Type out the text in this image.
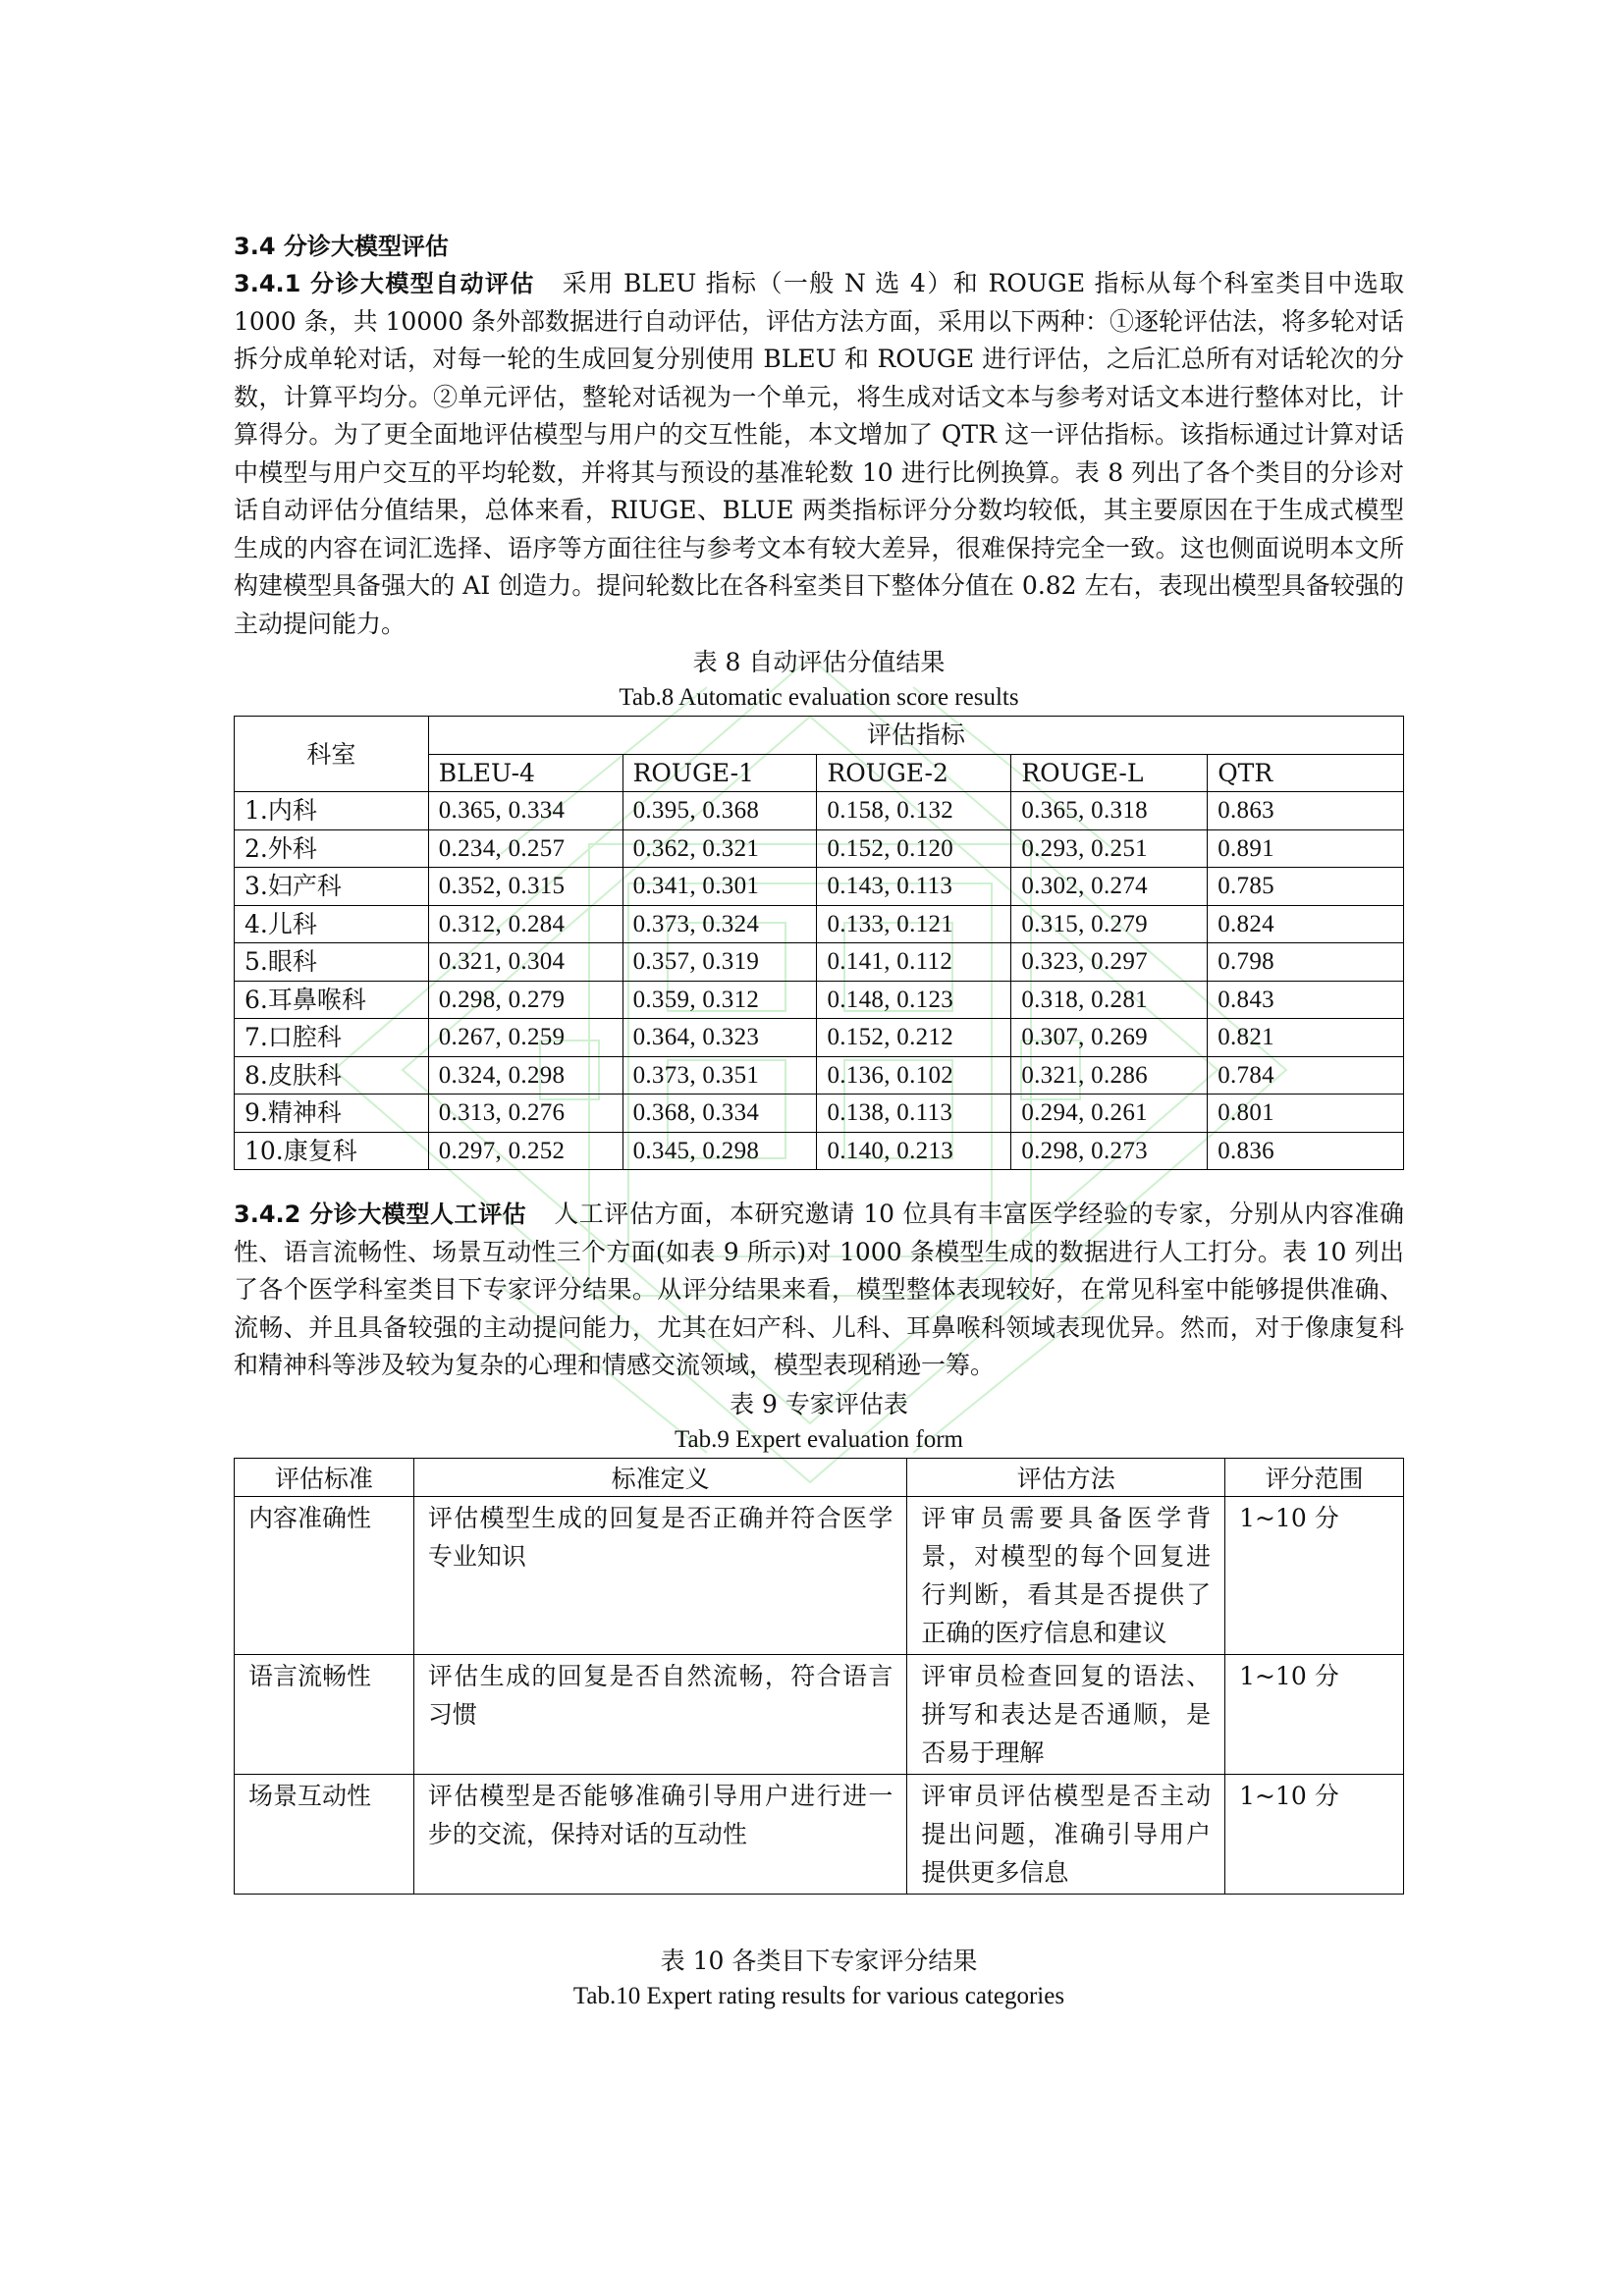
3.4 分诊大模型评估

3.4.1 分诊大模型自动评估 采用 BLEU 指标（一般 N 选 4）和 ROUGE 指标从每个科室类目中选取 1000 条，共 10000 条外部数据进行自动评估，评估方法方面，采用以下两种：①逐轮评估法，将多轮对话拆分成单轮对话，对每一轮的生成回复分别使用 BLEU 和 ROUGE 进行评估，之后汇总所有对话轮次的分数，计算平均分。②单元评估，整轮对话视为一个单元，将生成对话文本与参考对话文本进行整体对比，计算得分。为了更全面地评估模型与用户的交互性能，本文增加了 QTR 这一评估指标。该指标通过计算对话中模型与用户交互的平均轮数，并将其与预设的基准轮数 10 进行比例换算。表 8 列出了各个类目的分诊对话自动评估分值结果，总体来看，RIUGE、BLUE 两类指标评分分数均较低，其主要原因在于生成式模型生成的内容在词汇选择、语序等方面往往与参考文本有较大差异，很难保持完全一致。这也侧面说明本文所构建模型具备强大的 AI 创造力。提问轮数比在各科室类目下整体分值在 0.82 左右，表现出模型具备较强的主动提问能力。

表 8 自动评估分值结果

Tab.8 Automatic evaluation score results

科室	评估指标				
	BLEU-4	ROUGE-1	ROUGE-2	ROUGE-L	QTR
1.内科	0.365, 0.334	0.395, 0.368	0.158, 0.132	0.365, 0.318	0.863
2.外科	0.234, 0.257	0.362, 0.321	0.152, 0.120	0.293, 0.251	0.891
3.妇产科	0.352, 0.315	0.341, 0.301	0.143, 0.113	0.302, 0.274	0.785
4.儿科	0.312, 0.284	0.373, 0.324	0.133, 0.121	0.315, 0.279	0.824
5.眼科	0.321, 0.304	0.357, 0.319	0.141, 0.112	0.323, 0.297	0.798
6.耳鼻喉科	0.298, 0.279	0.359, 0.312	0.148, 0.123	0.318, 0.281	0.843
7.口腔科	0.267, 0.259	0.364, 0.323	0.152, 0.212	0.307, 0.269	0.821
8.皮肤科	0.324, 0.298	0.373, 0.351	0.136, 0.102	0.321, 0.286	0.784
9.精神科	0.313, 0.276	0.368, 0.334	0.138, 0.113	0.294, 0.261	0.801
10.康复科	0.297, 0.252	0.345, 0.298	0.140, 0.213	0.298, 0.273	0.836

3.4.2 分诊大模型人工评估 人工评估方面，本研究邀请 10 位具有丰富医学经验的专家，分别从内容准确性、语言流畅性、场景互动性三个方面(如表 9 所示)对 1000 条模型生成的数据进行人工打分。表 10 列出了各个医学科室类目下专家评分结果。从评分结果来看，模型整体表现较好，在常见科室中能够提供准确、流畅、并且具备较强的主动提问能力，尤其在妇产科、儿科、耳鼻喉科领域表现优异。然而，对于像康复科和精神科等涉及较为复杂的心理和情感交流领域，模型表现稍逊一筹。

表 9 专家评估表

Tab.9 Expert evaluation form

评估标准	标准定义	评估方法	评分范围
内容准确性	评估模型生成的回复是否正确并符合医学专业知识	评审员需要具备医学背景，对模型的每个回复进行判断，看其是否提供了正确的医疗信息和建议	1~10 分
语言流畅性	评估生成的回复是否自然流畅，符合语言习惯	评审员检查回复的语法、拼写和表达是否通顺，是否易于理解	1~10 分
场景互动性	评估模型是否能够准确引导用户进行进一步的交流，保持对话的互动性	评审员评估模型是否主动提出问题，准确引导用户提供更多信息	1~10 分

表 10 各类目下专家评分结果

Tab.10 Expert rating results for various categories
